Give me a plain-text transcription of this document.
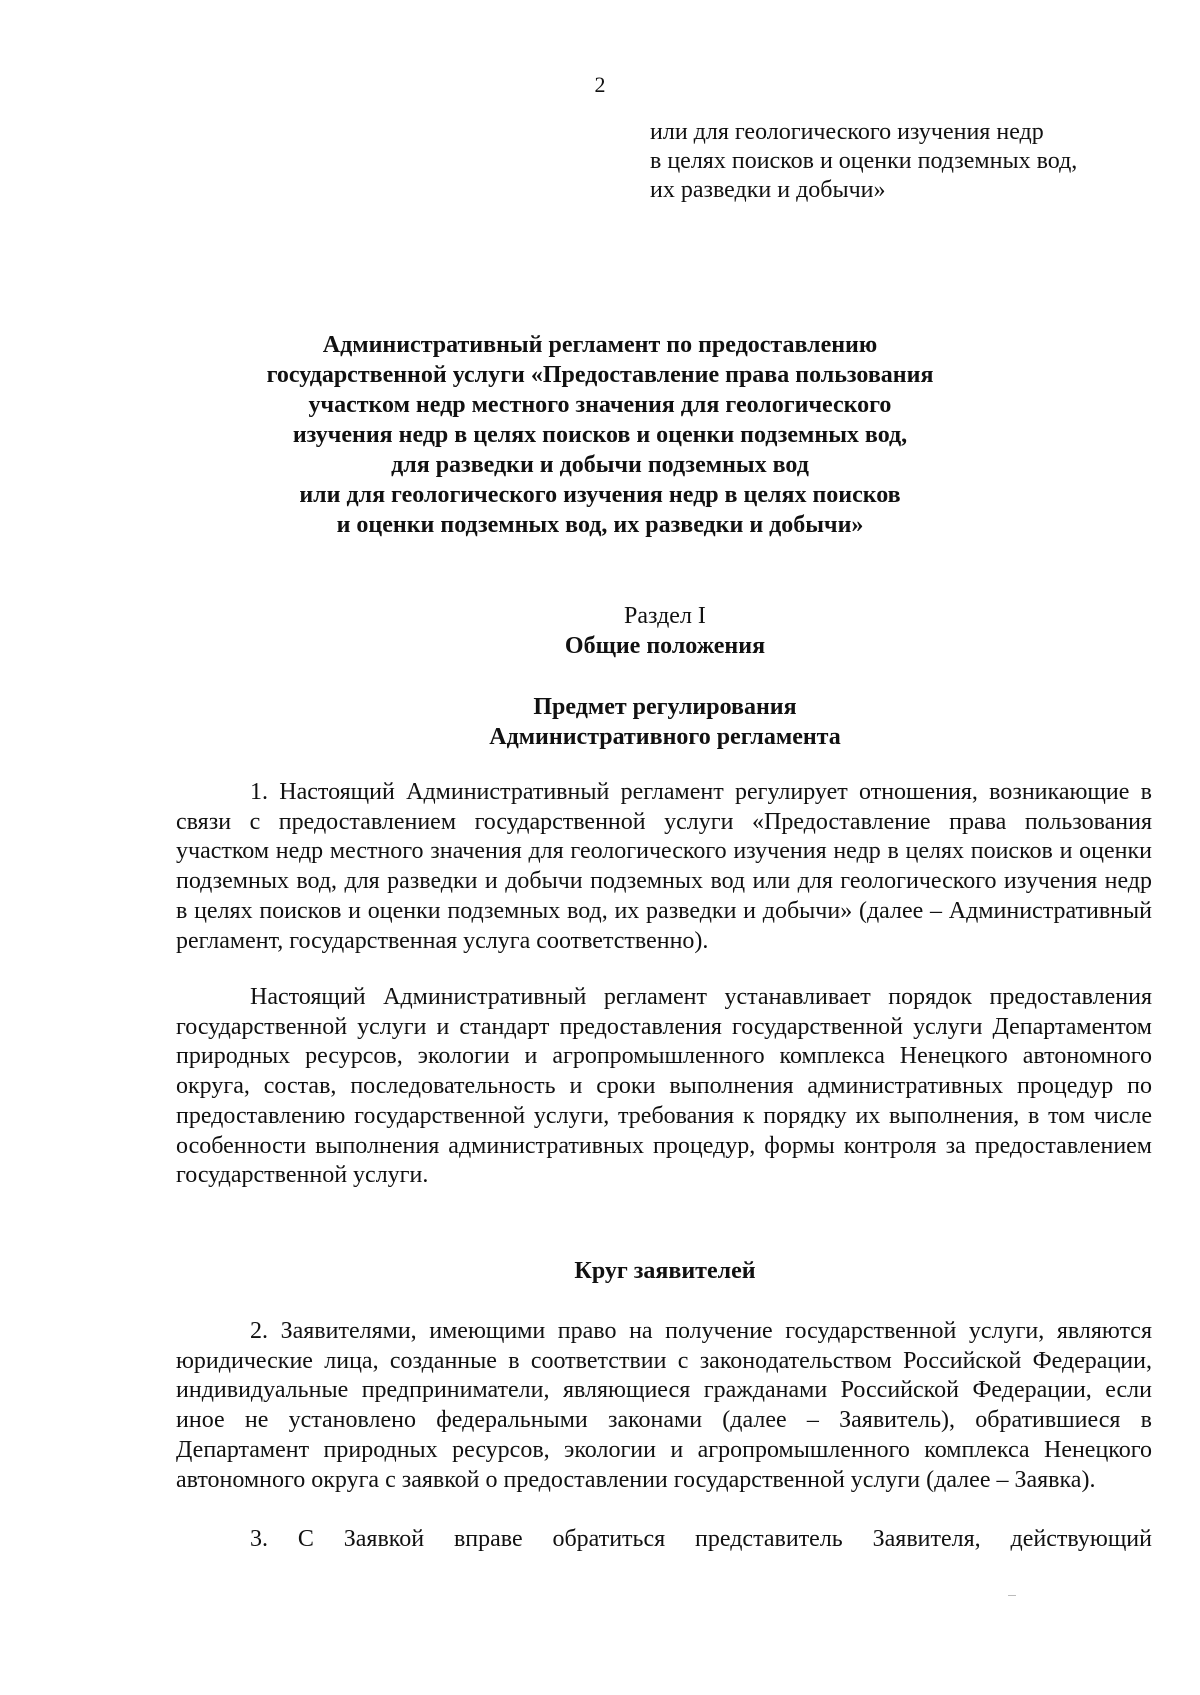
2
или для геологического изучения недр
в целях поисков и оценки подземных вод,
их разведки и добычи»
Административный регламент по предоставлению
государственной услуги «Предоставление права пользования
участком недр местного значения для геологического
изучения недр в целях поисков и оценки подземных вод,
для разведки и добычи подземных вод
или для геологического изучения недр в целях поисков
и оценки подземных вод, их разведки и добычи»
Раздел I
Общие положения
Предмет регулирования
Административного регламента

1. Настоящий Административный регламент регулирует отношения, возникающие в связи с предоставлением государственной услуги «Предоставление права пользования участком недр местного значения для геологического изучения недр в целях поисков и оценки подземных вод, для разведки и добычи подземных вод или для геологического изучения недр в целях поисков и оценки подземных вод, их разведки и добычи» (далее – Административный регламент, государственная услуга соответственно).

Настоящий Административный регламент устанавливает порядок предоставления государственной услуги и стандарт предоставления государственной услуги Департаментом природных ресурсов, экологии и агропромышленного комплекса Ненецкого автономного округа, состав, последовательность и сроки выполнения административных процедур по предоставлению государственной услуги, требования к порядку их выполнения, в том числе особенности выполнения административных процедур, формы контроля за предоставлением государственной услуги.

Круг заявителей

2. Заявителями, имеющими право на получение государственной услуги, являются юридические лица, созданные в соответствии с законодательством Российской Федерации, индивидуальные предприниматели, являющиеся гражданами Российской Федерации, если иное не установлено федеральными законами (далее – Заявитель), обратившиеся в Департамент природных ресурсов, экологии и агропромышленного комплекса Ненецкого автономного округа с заявкой о предоставлении государственной услуги (далее – Заявка).

3. С Заявкой вправе обратиться представитель Заявителя, действующий
